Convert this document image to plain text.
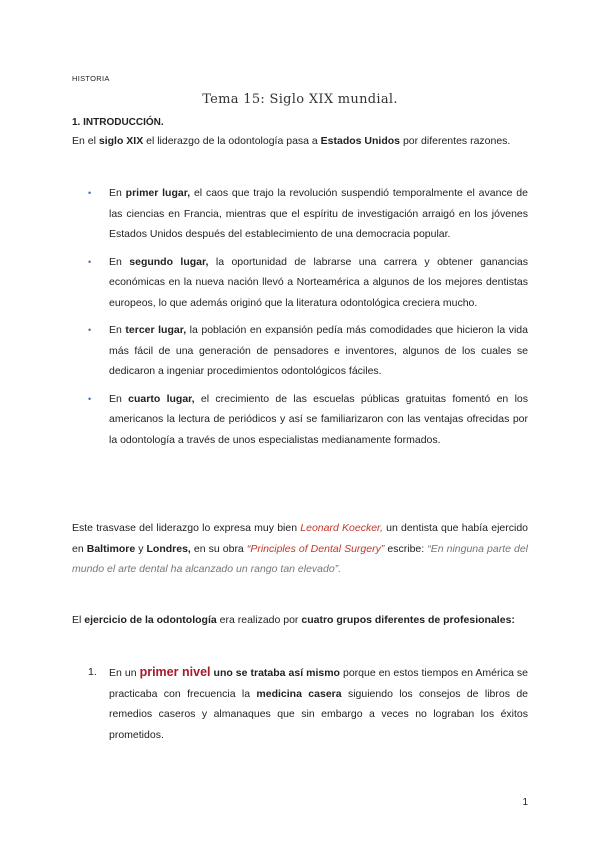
HISTORIA
Tema 15: Siglo XIX mundial.
1. INTRODUCCIÓN.
En el siglo XIX el liderazgo de la odontología pasa a Estados Unidos por diferentes razones.
• En primer lugar, el caos que trajo la revolución suspendió temporalmente el avance de las ciencias en Francia, mientras que el espíritu de investigación arraigó en los jóvenes Estados Unidos después del establecimiento de una democracia popular.
• En segundo lugar, la oportunidad de labrarse una carrera y obtener ganancias económicas en la nueva nación llevó a Norteamérica a algunos de los mejores dentistas europeos, lo que además originó que la literatura odontológica creciera mucho.
• En tercer lugar, la población en expansión pedía más comodidades que hicieron la vida más fácil de una generación de pensadores e inventores, algunos de los cuales se dedicaron a ingeniar procedimientos odontológicos fáciles.
• En cuarto lugar, el crecimiento de las escuelas públicas gratuitas fomentó en los americanos la lectura de periódicos y así se familiarizaron con las ventajas ofrecidas por la odontología a través de unos especialistas medianamente formados.
Este trasvase del liderazgo lo expresa muy bien Leonard Koecker, un dentista que había ejercido en Baltimore y Londres, en su obra “Principles of Dental Surgery” escribe: “En ninguna parte del mundo el arte dental ha alcanzado un rango tan elevado”.
El ejercicio de la odontología era realizado por cuatro grupos diferentes de profesionales:
1. En un primer nivel uno se trataba así mismo porque en estos tiempos en América se practicaba con frecuencia la medicina casera siguiendo los consejos de libros de remedios caseros y almanaques que sin embargo a veces no lograban los éxitos prometidos.
1
